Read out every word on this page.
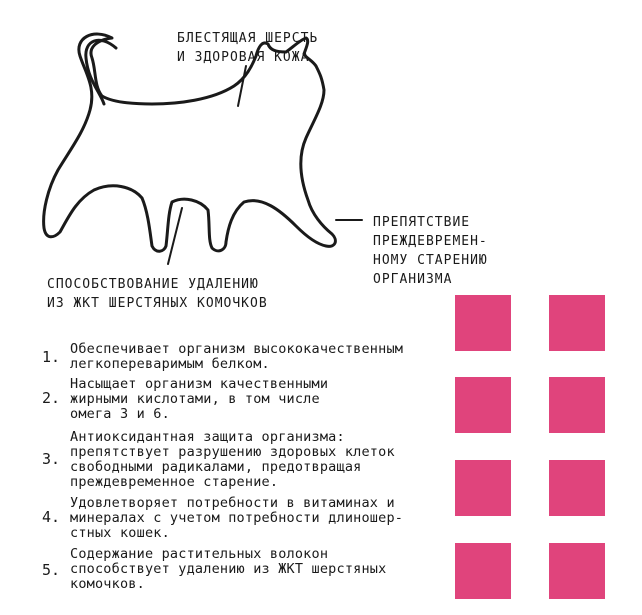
БЛЕСТЯЩАЯ ШЕРСТЬ
И ЗДОРОВАЯ КОЖА
ПРЕПЯТСТВИЕ
ПРЕЖДЕВРЕМЕН-
НОМУ СТАРЕНИЮ
ОРГАНИЗМА
СПОСОБСТВОВАНИЕ УДАЛЕНИЮ
ИЗ ЖКТ ШЕРСТЯНЫХ КОМОЧКОВ
1. Обеспечивает организм высококачественным
легкопереваримым белком.
2.
Насыщает организм качественными
жирными кислотами, в том числе
омега 3 и 6.
3.
Антиоксидантная защита организма:
препятствует разрушению здоровых клеток
свободными радикалами, предотвращая
преждевременное старение.
4.
Удовлетворяет потребности в витаминах и
минералах с учетом потребности длиношер-
стных кошек.
5.
Содержание растительных волокон
способствует удалению из ЖКТ шерстяных
комочков.
